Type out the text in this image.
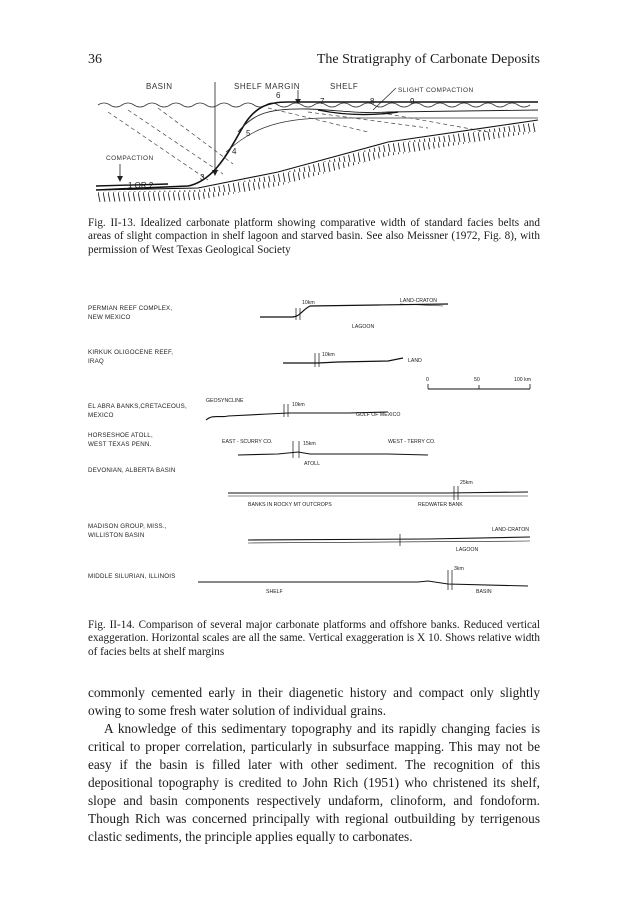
36	The Stratigraphy of Carbonate Deposits
BASIN	SHELF MARGIN	SHELF	SLIGHT COMPACTION
COMPACTION
1 OR 2
3
4
5
6
7	8	9
Fig. II-13. Idealized carbonate platform showing comparative width of standard facies belts and areas of slight compaction in shelf lagoon and starved basin. See also Meissner (1972, Fig. 8), with permission of West Texas Geological Society
PERMIAN REEF COMPLEX,
NEW MEXICO
KIRKUK OLIGOCENE REEF,
IRAQ
EL ABRA BANKS,CRETACEOUS,
MEXICO
HORSESHOE ATOLL,
WEST TEXAS PENN.
DEVONIAN, ALBERTA BASIN
MADISON GROUP, MISS.,
WILLISTON BASIN
MIDDLE SILURIAN, ILLINOIS
10km
10km
10km
15km
25km
3km
LAND-CRATON
LAGOON
LAND
GEOSYNCLINE
GULF OF MEXICO
EAST - SCURRY CO.	WEST - TERRY CO.
ATOLL
BANKS IN ROCKY MT OUTCROPS	REDWATER BANK
LAND-CRATON
LAGOON
SHELF	BASIN
0	50	100 km
Fig. II-14. Comparison of several major carbonate platforms and offshore banks. Reduced vertical exaggeration. Horizontal scales are all the same. Vertical exaggeration is X 10. Shows relative width of facies belts at shelf margins

commonly cemented early in their diagenetic history and compact only slightly owing to some fresh water solution of individual grains.

A knowledge of this sedimentary topography and its rapidly changing facies is critical to proper correlation, particularly in subsurface mapping. This may not be easy if the basin is filled later with other sediment. The recognition of this depositional topography is credited to John Rich (1951) who christened its shelf, slope and basin components respectively undaform, clinoform, and fondoform. Though Rich was concerned principally with regional outbuilding by terrigenous clastic sediments, the principle applies equally to carbonates.
